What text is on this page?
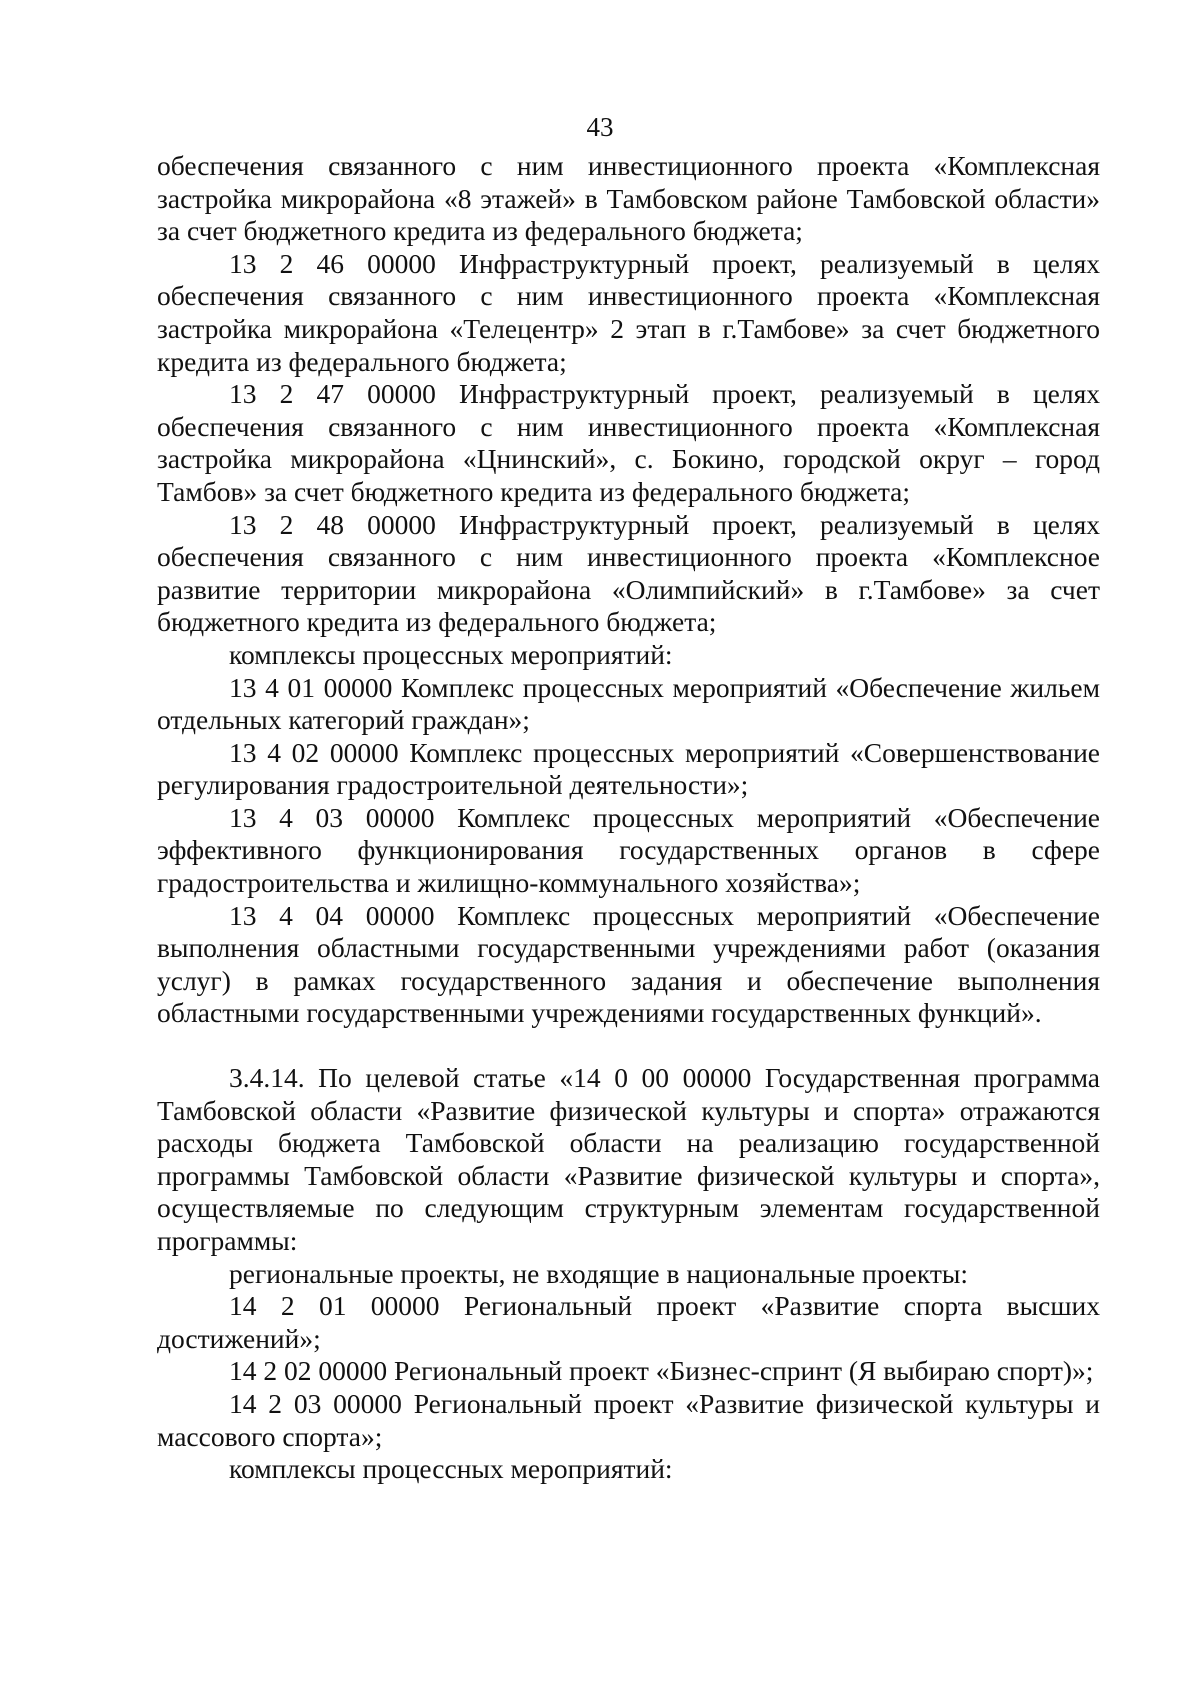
43

обеспечения связанного с ним инвестиционного проекта «Комплексная застройка микрорайона «8 этажей» в Тамбовском районе Тамбовской области» за счет бюджетного кредита из федерального бюджета;

13 2 46 00000 Инфраструктурный проект, реализуемый в целях обеспечения связанного с ним инвестиционного проекта «Комплексная застройка микрорайона «Телецентр» 2 этап в г.Тамбове» за счет бюджетного кредита из федерального бюджета;

13 2 47 00000 Инфраструктурный проект, реализуемый в целях обеспечения связанного с ним инвестиционного проекта «Комплексная застройка микрорайона «Цнинский», с. Бокино, городской округ – город Тамбов» за счет бюджетного кредита из федерального бюджета;

13 2 48 00000 Инфраструктурный проект, реализуемый в целях обеспечения связанного с ним инвестиционного проекта «Комплексное развитие территории микрорайона «Олимпийский» в г.Тамбове» за счет бюджетного кредита из федерального бюджета;

комплексы процессных мероприятий:

13 4 01 00000 Комплекс процессных мероприятий «Обеспечение жильем отдельных категорий граждан»;

13 4 02 00000 Комплекс процессных мероприятий «Совершенствование регулирования градостроительной деятельности»;

13 4 03 00000 Комплекс процессных мероприятий «Обеспечение эффективного функционирования государственных органов в сфере градостроительства и жилищно-коммунального хозяйства»;

13 4 04 00000 Комплекс процессных мероприятий «Обеспечение выполнения областными государственными учреждениями работ (оказания услуг) в рамках государственного задания и обеспечение выполнения областными государственными учреждениями государственных функций».

3.4.14. По целевой статье «14 0 00 00000 Государственная программа Тамбовской области «Развитие физической культуры и спорта» отражаются расходы бюджета Тамбовской области на реализацию государственной программы Тамбовской области «Развитие физической культуры и спорта», осуществляемые по следующим структурным элементам государственной программы:

региональные проекты, не входящие в национальные проекты:

14 2 01 00000 Региональный проект «Развитие спорта высших достижений»;

14 2 02 00000 Региональный проект «Бизнес-спринт (Я выбираю спорт)»;

14 2 03 00000 Региональный проект «Развитие физической культуры и массового спорта»;

комплексы процессных мероприятий:
